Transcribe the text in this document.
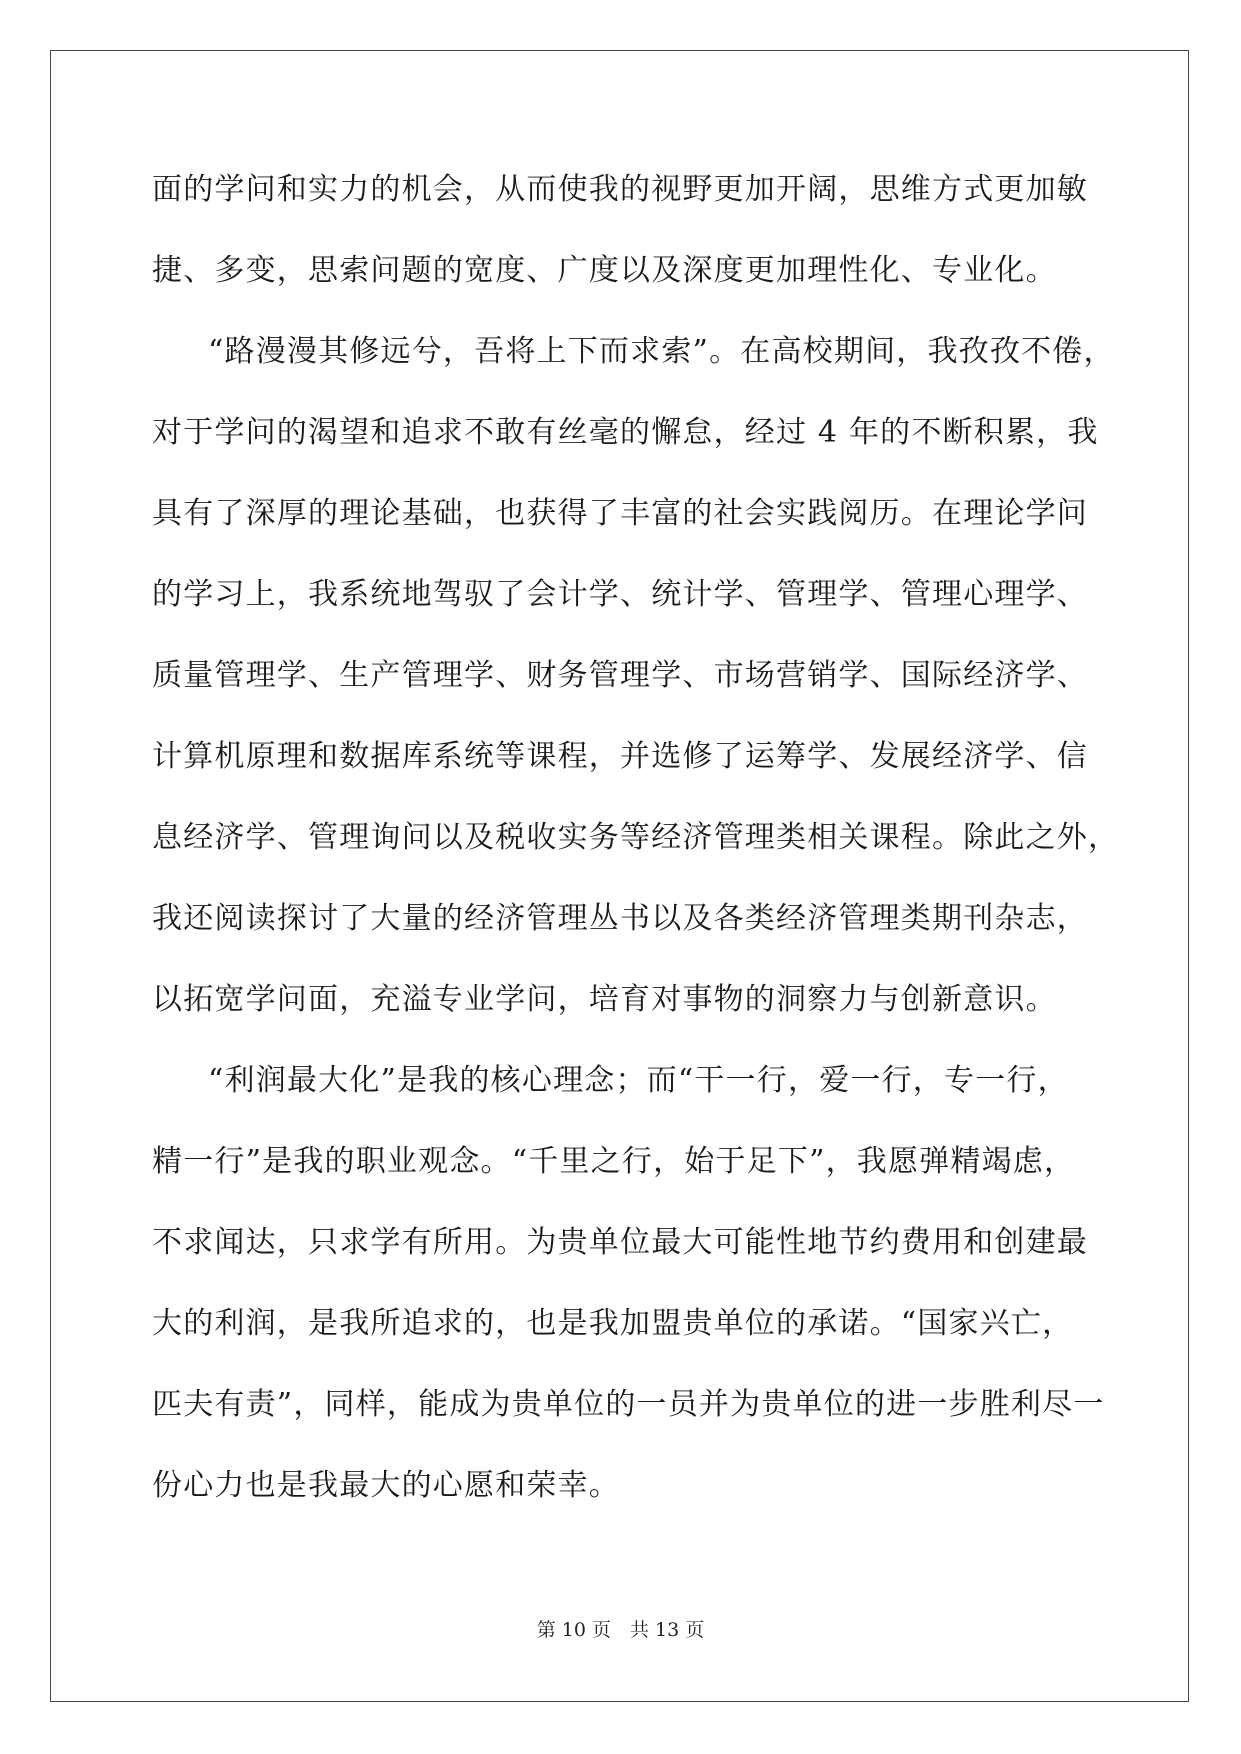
面的学问和实力的机会，从而使我的视野更加开阔，思维方式更加敏
捷、多变，思索问题的宽度、广度以及深度更加理性化、专业化。
“路漫漫其修远兮，吾将上下而求索”。在高校期间，我孜孜不倦，
对于学问的渴望和追求不敢有丝毫的懈怠，经过 4 年的不断积累，我
具有了深厚的理论基础，也获得了丰富的社会实践阅历。在理论学问
的学习上，我系统地驾驭了会计学、统计学、管理学、管理心理学、
质量管理学、生产管理学、财务管理学、市场营销学、国际经济学、
计算机原理和数据库系统等课程，并选修了运筹学、发展经济学、信
息经济学、管理询问以及税收实务等经济管理类相关课程。除此之外，
我还阅读探讨了大量的经济管理丛书以及各类经济管理类期刊杂志，
以拓宽学问面，充溢专业学问，培育对事物的洞察力与创新意识。
“利润最大化”是我的核心理念；而“干一行，爱一行，专一行，
精一行”是我的职业观念。“千里之行，始于足下”，我愿弹精竭虑，
不求闻达，只求学有所用。为贵单位最大可能性地节约费用和创建最
大的利润，是我所追求的，也是我加盟贵单位的承诺。“国家兴亡，
匹夫有责”，同样，能成为贵单位的一员并为贵单位的进一步胜利尽一
份心力也是我最大的心愿和荣幸。
第 10 页　共 13 页
